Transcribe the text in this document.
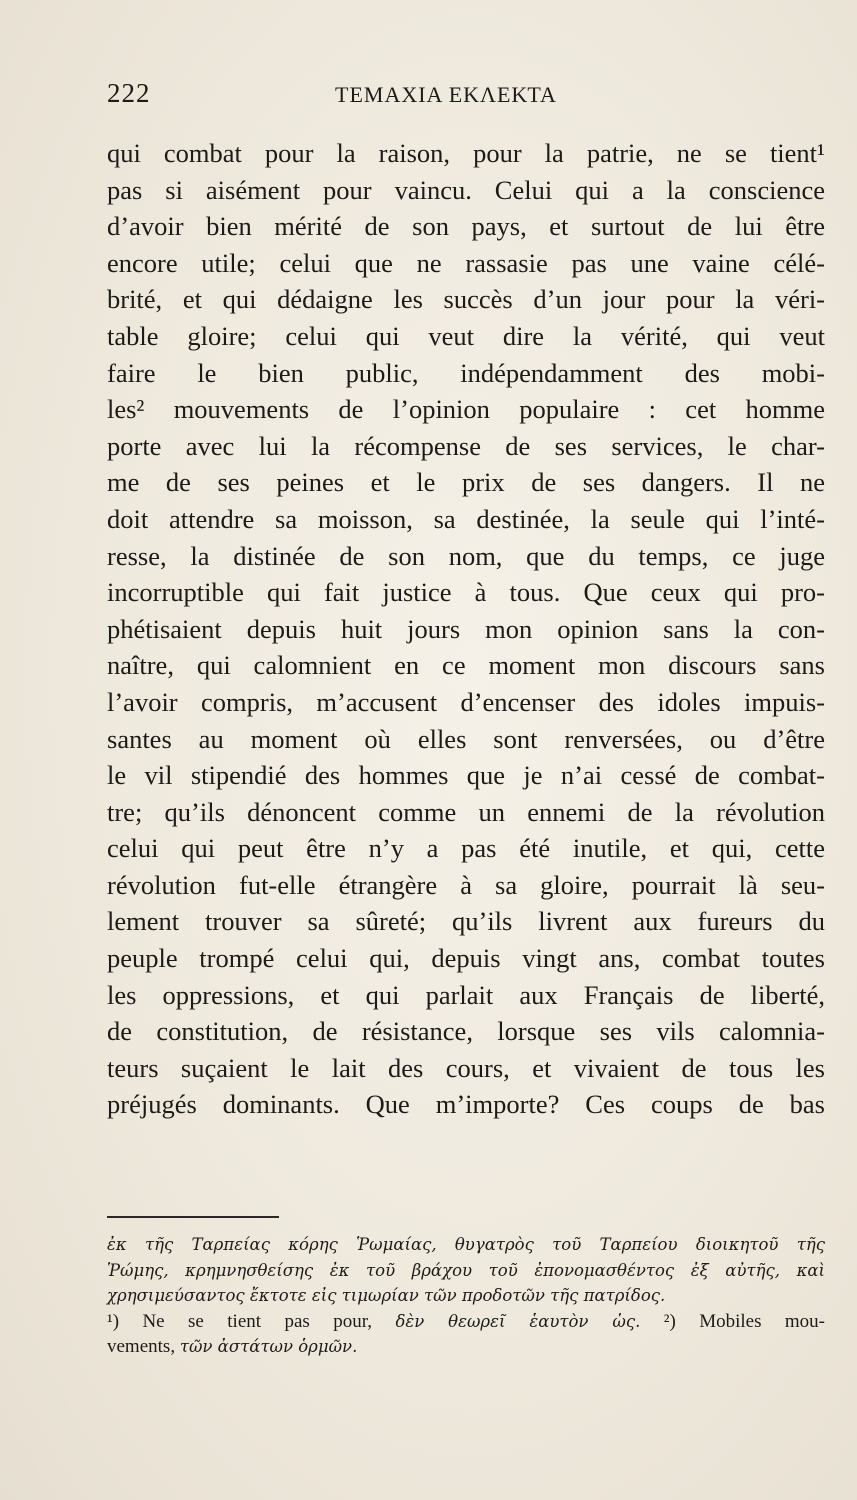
222	ΤΕΜΑΧΙΑ ΕΚΛΕΚΤΑ
qui combat pour la raison, pour la patrie, ne se tient¹
pas si aisément pour vaincu. Celui qui a la conscience
d’avoir bien mérité de son pays, et surtout de lui être
encore utile; celui que ne rassasie pas une vaine célé-
brité, et qui dédaigne les succès d’un jour pour la véri-
table gloire; celui qui veut dire la vérité, qui veut
faire le bien public, indépendamment des mobi-
les² mouvements de l’opinion populaire : cet homme
porte avec lui la récompense de ses services, le char-
me de ses peines et le prix de ses dangers. Il ne
doit attendre sa moisson, sa destinée, la seule qui l’inté-
resse, la distinée de son nom, que du temps, ce juge
incorruptible qui fait justice à tous. Que ceux qui pro-
phétisaient depuis huit jours mon opinion sans la con-
naître, qui calomnient en ce moment mon discours sans
l’avoir compris, m’accusent d’encenser des idoles impuis-
santes au moment où elles sont renversées, ou d’être
le vil stipendié des hommes que je n’ai cessé de combat-
tre; qu’ils dénoncent comme un ennemi de la révolution
celui qui peut être n’y a pas été inutile, et qui, cette
révolution fut-elle étrangère à sa gloire, pourrait là seu-
lement trouver sa sûreté; qu’ils livrent aux fureurs du
peuple trompé celui qui, depuis vingt ans, combat toutes
les oppressions, et qui parlait aux Français de liberté,
de constitution, de résistance, lorsque ses vils calomnia-
teurs suçaient le lait des cours, et vivaient de tous les
préjugés dominants. Que m’importe? Ces coups de bas
ἐκ τῆς Ταρπείας κόρης Ῥωμαίας, θυγατρὸς τοῦ Ταρπείου διοικητοῦ τῆς
Ῥώμης, κρημνησθείσης ἐκ τοῦ βράχου τοῦ ἐπονομασθέντος ἐξ αὐτῆς, καὶ
χρησιμεύσαντος ἔκτοτε εἰς τιμωρίαν τῶν προδοτῶν τῆς πατρίδος.
¹) Ne se tient pas pour, δὲν θεωρεῖ ἑαυτὸν ὡς. ²) Mobiles mou-
vements, τῶν ἀστάτων ὁρμῶν.
